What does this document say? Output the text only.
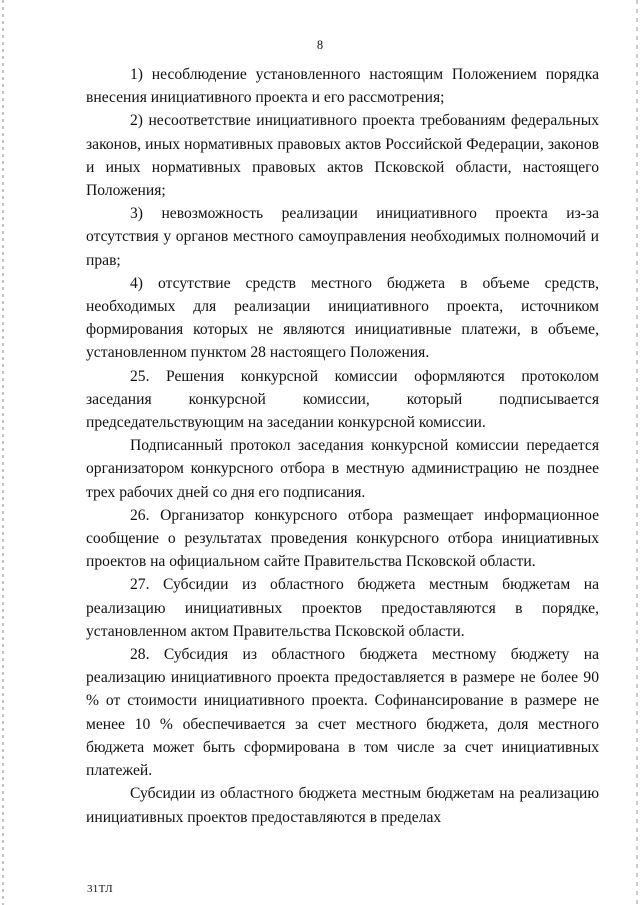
8

1) несоблюдение установленного настоящим Положением порядка внесения инициативного проекта и его рассмотрения;

2) несоответствие инициативного проекта требованиям федеральных законов, иных нормативных правовых актов Российской Федерации, законов и иных нормативных правовых актов Псковской области, настоящего Положения;

3) невозможность реализации инициативного проекта из-за отсутствия у органов местного самоуправления необходимых полномочий и прав;

4) отсутствие средств местного бюджета в объеме средств, необходимых для реализации инициативного проекта, источником формирования которых не являются инициативные платежи, в объеме, установленном пунктом 28 настоящего Положения.

25. Решения конкурсной комиссии оформляются протоколом заседания конкурсной комиссии, который подписывается председательствующим на заседании конкурсной комиссии.

Подписанный протокол заседания конкурсной комиссии передается организатором конкурсного отбора в местную администрацию не позднее трех рабочих дней со дня его подписания.

26. Организатор конкурсного отбора размещает информационное сообщение о результатах проведения конкурсного отбора инициативных проектов на официальном сайте Правительства Псковской области.

27. Субсидии из областного бюджета местным бюджетам на реализацию инициативных проектов предоставляются в порядке, установленном актом Правительства Псковской области.

28. Субсидия из областного бюджета местному бюджету на реализацию инициативного проекта предоставляется в размере не более 90 % от стоимости инициативного проекта. Софинансирование в размере не менее 10 % обеспечивается за счет местного бюджета, доля местного бюджета может быть сформирована в том числе за счет инициативных платежей.

Субсидии из областного бюджета местным бюджетам на реализацию инициативных проектов предоставляются в пределах

31ТЛ
